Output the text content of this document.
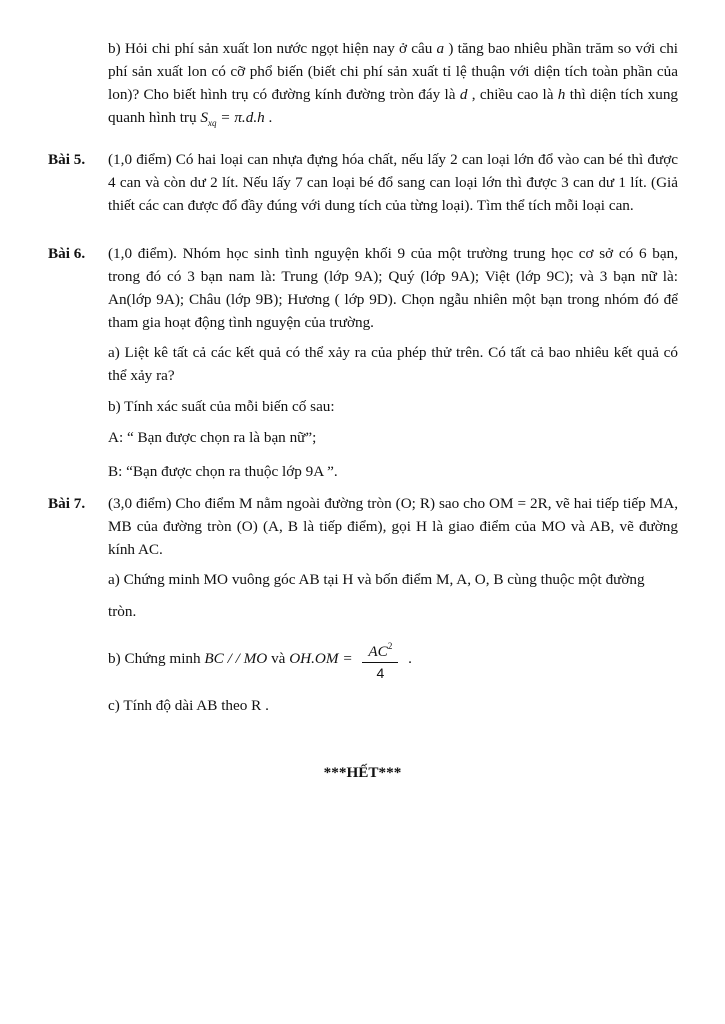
b) Hỏi chi phí sản xuất lon nước ngọt hiện nay ở câu a ) tăng bao nhiêu phần trăm so với chi phí sản xuất lon có cỡ phổ biến (biết chi phí sản xuất tỉ lệ thuận với diện tích toàn phần của lon)? Cho biết hình trụ có đường kính đường tròn đáy là d , chiều cao là h thì diện tích xung quanh hình trụ $S_{xq} = \pi.d.h$ .

Bài 5. (1,0 điểm) Có hai loại can nhựa đựng hóa chất, nếu lấy 2 can loại lớn đổ vào can bé thì được 4 can và còn dư 2 lít. Nếu lấy 7 can loại bé đổ sang can loại lớn thì được 3 can dư 1 lít. (Giả thiết các can được đổ đầy đúng với dung tích của từng loại). Tìm thể tích mỗi loại can.

Bài 6. (1,0 điểm). Nhóm học sinh tình nguyện khối 9 của một trường trung học cơ sở có 6 bạn, trong đó có 3 bạn nam là: Trung (lớp 9A); Quý (lớp 9A); Việt (lớp 9C); và 3 bạn nữ là: An(lớp 9A); Châu (lớp 9B); Hương ( lớp 9D). Chọn ngẫu nhiên một bạn trong nhóm đó để tham gia hoạt động tình nguyện của trường.

a) Liệt kê tất cả các kết quả có thể xảy ra của phép thử trên. Có tất cả bao nhiêu kết quả có thể xảy ra?

b) Tính xác suất của mỗi biến cố sau:

A: “ Bạn được chọn ra là bạn nữ”;

B: “Bạn được chọn ra thuộc lớp 9A ”.

Bài 7. (3,0 điểm) Cho điểm M nằm ngoài đường tròn (O; R) sao cho OM = 2R, vẽ hai tiếp tiếp MA, MB của đường tròn (O) (A, B là tiếp điểm), gọi H là giao điểm của MO và AB, vẽ đường kính AC.

a) Chứng minh MO vuông góc AB tại H và bốn điểm M, A, O, B cùng thuộc một đường

tròn.

b) Chứng minh BC / / MO và $OH.OM = \frac{AC^2}{4}$ .

c) Tính độ dài AB theo R .

***HẾT***
